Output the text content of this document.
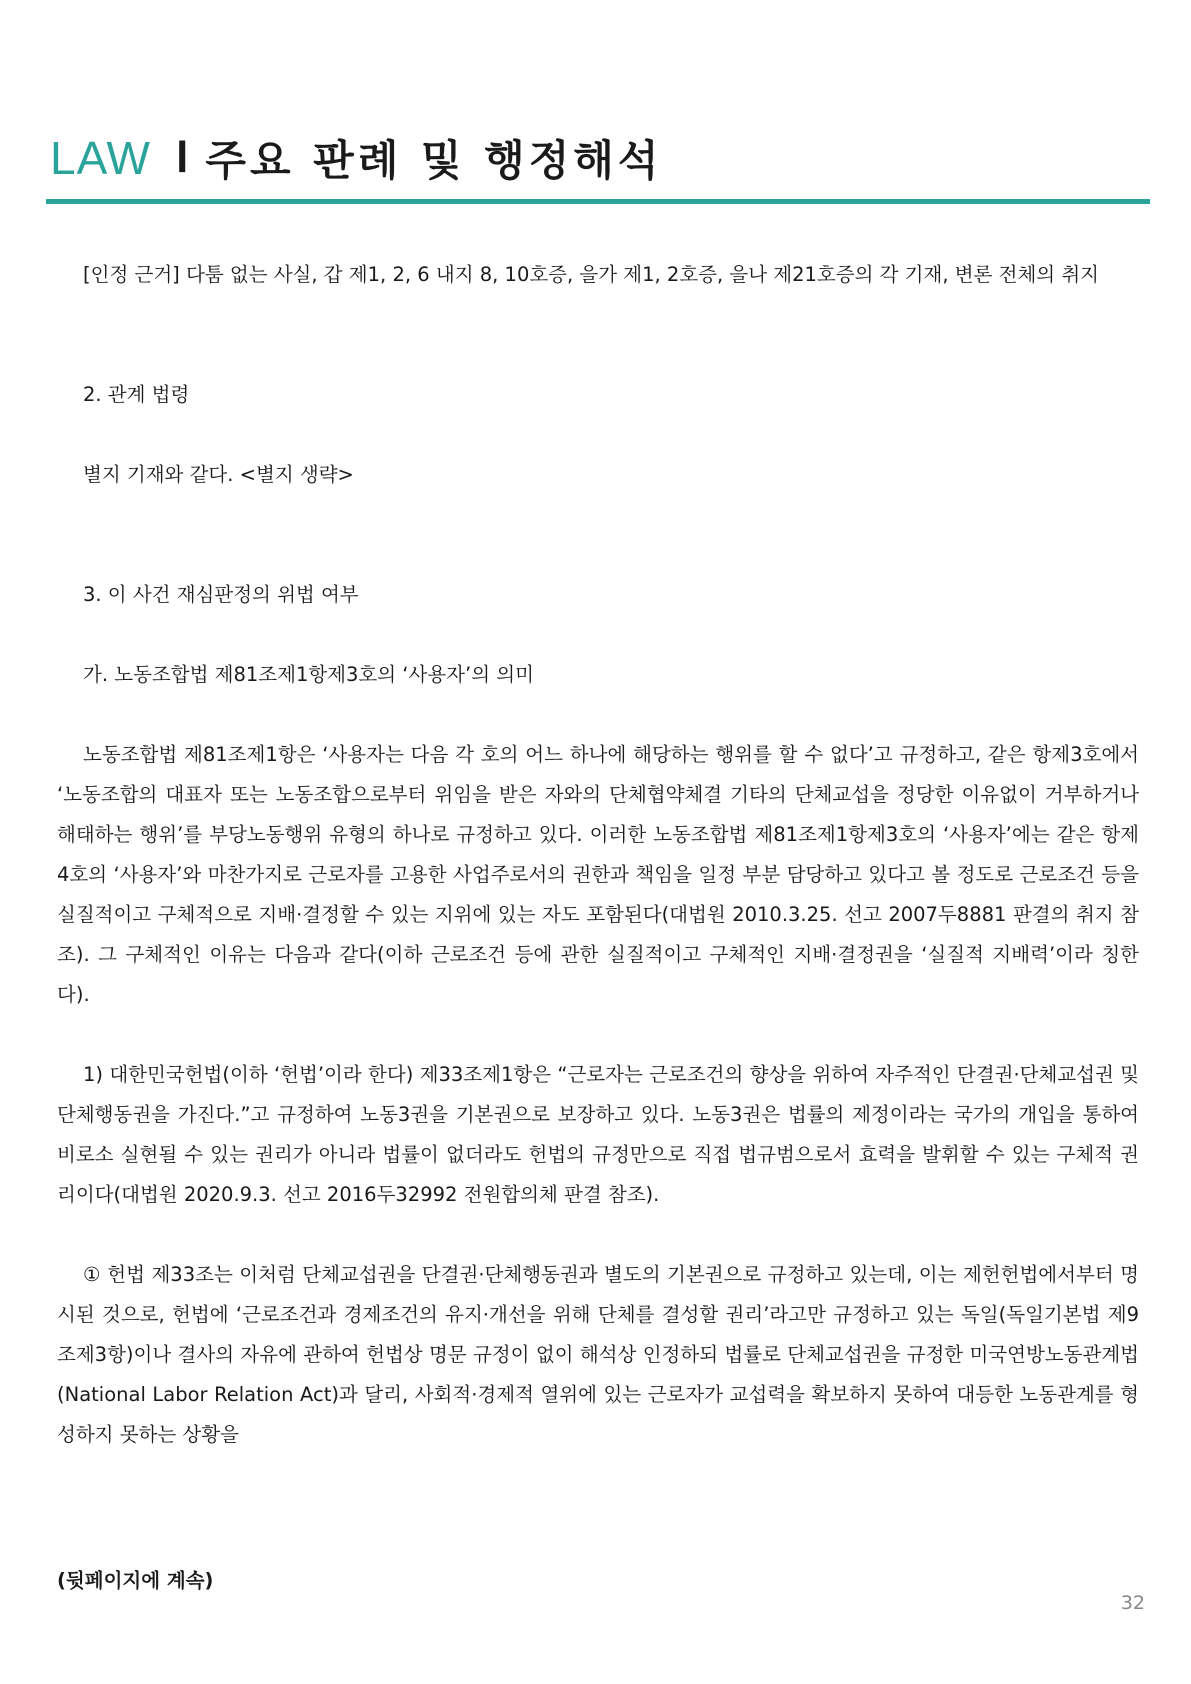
LAW l 주요 판례 및 행정해석

[인정 근거] 다툼 없는 사실, 갑 제1, 2, 6 내지 8, 10호증, 을가 제1, 2호증, 을나 제21호증의 각 기재, 변론 전체의 취지

2. 관계 법령

별지 기재와 같다. <별지 생략>

3. 이 사건 재심판정의 위법 여부

가. 노동조합법 제81조제1항제3호의 ‘사용자’의 의미

노동조합법 제81조제1항은 ‘사용자는 다음 각 호의 어느 하나에 해당하는 행위를 할 수 없다’고 규정하고, 같은 항제3호에서 ‘노동조합의 대표자 또는 노동조합으로부터 위임을 받은 자와의 단체협약체결 기타의 단체교섭을 정당한 이유없이 거부하거나 해태하는 행위’를 부당노동행위 유형의 하나로 규정하고 있다. 이러한 노동조합법 제81조제1항제3호의 ‘사용자’에는 같은 항제4호의 ‘사용자’와 마찬가지로 근로자를 고용한 사업주로서의 권한과 책임을 일정 부분 담당하고 있다고 볼 정도로 근로조건 등을 실질적이고 구체적으로 지배·결정할 수 있는 지위에 있는 자도 포함된다(대법원 2010.3.25. 선고 2007두8881 판결의 취지 참조). 그 구체적인 이유는 다음과 같다(이하 근로조건 등에 관한 실질적이고 구체적인 지배·결정권을 ‘실질적 지배력’이라 칭한다).

1) 대한민국헌법(이하 ‘헌법’이라 한다) 제33조제1항은 “근로자는 근로조건의 향상을 위하여 자주적인 단결권·단체교섭권 및 단체행동권을 가진다.”고 규정하여 노동3권을 기본권으로 보장하고 있다. 노동3권은 법률의 제정이라는 국가의 개입을 통하여 비로소 실현될 수 있는 권리가 아니라 법률이 없더라도 헌법의 규정만으로 직접 법규범으로서 효력을 발휘할 수 있는 구체적 권리이다(대법원 2020.9.3. 선고 2016두32992 전원합의체 판결 참조).

① 헌법 제33조는 이처럼 단체교섭권을 단결권·단체행동권과 별도의 기본권으로 규정하고 있는데, 이는 제헌헌법에서부터 명시된 것으로, 헌법에 ‘근로조건과 경제조건의 유지·개선을 위해 단체를 결성할 권리’라고만 규정하고 있는 독일(독일기본법 제9조제3항)이나 결사의 자유에 관하여 헌법상 명문 규정이 없이 해석상 인정하되 법률로 단체교섭권을 규정한 미국연방노동관계법(National Labor Relation Act)과 달리, 사회적·경제적 열위에 있는 근로자가 교섭력을 확보하지 못하여 대등한 노동관계를 형성하지 못하는 상황을

(뒷페이지에 계속)
32
